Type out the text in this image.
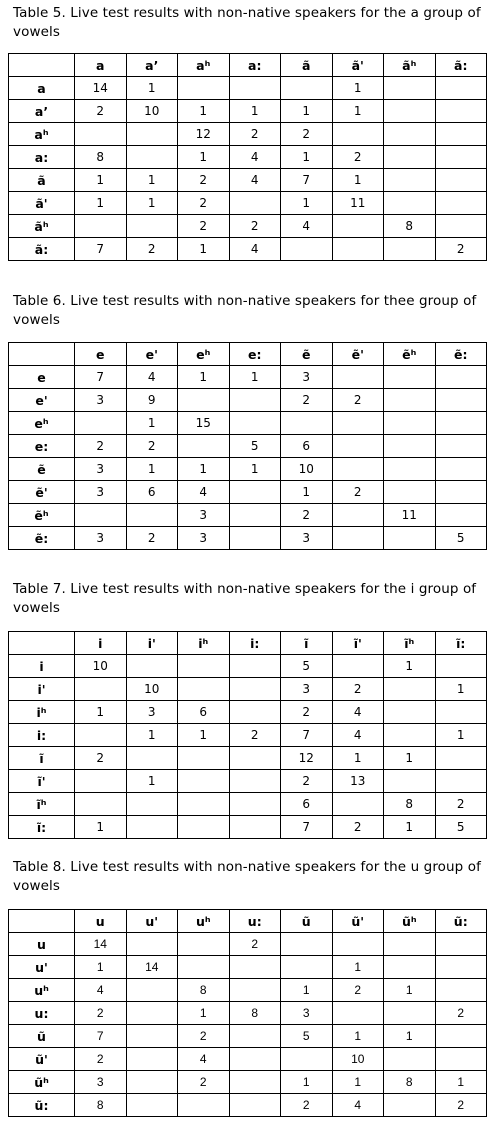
Table 5. Live test results with non-native speakers for the a group of vowels

	a	a’	aʰ	a:	ã	ã'	ãʰ	ã:
a	14	1				1		
a’	2	10	1	1	1	1		
aʰ			12	2	2			
a:	8		1	4	1	2		
ã	1	1	2	4	7	1		
ã'	1	1	2		1	11		
ãʰ			2	2	4		8	
ã:	7	2	1	4				2

Table 6. Live test results with non-native speakers for thee group of vowels

	e	e'	eʰ	e:	ẽ	ẽ'	ẽʰ	ẽ:
e	7	4	1	1	3			
e'	3	9			2	2		
eʰ		1	15					
e:	2	2		5	6			
ẽ	3	1	1	1	10			
ẽ'	3	6	4		1	2		
ẽʰ			3		2		11	
ẽ:	3	2	3		3			5

Table 7. Live test results with non-native speakers for the i group of vowels

	i	i'	iʰ	i:	ĩ	ĩ'	ĩʰ	ĩ:
i	10				5		1	
i'		10			3	2		1
iʰ	1	3	6		2	4		
i:		1	1	2	7	4		1
ĩ	2				12	1	1	
ĩ'		1			2	13		
ĩʰ					6		8	2
ĩ:	1				7	2	1	5

Table 8. Live test results with non-native speakers for the u group of vowels

	u	u'	uʰ	u:	ũ	ũ'	ũʰ	ũ:
u	14			2				
u'	1	14				1		
uʰ	4		8		1	2	1	
u:	2		1	8	3			2
ũ	7		2		5	1	1	
ũ'	2		4			10		
ũʰ	3		2		1	1	8	1
ũ:	8				2	4		2
